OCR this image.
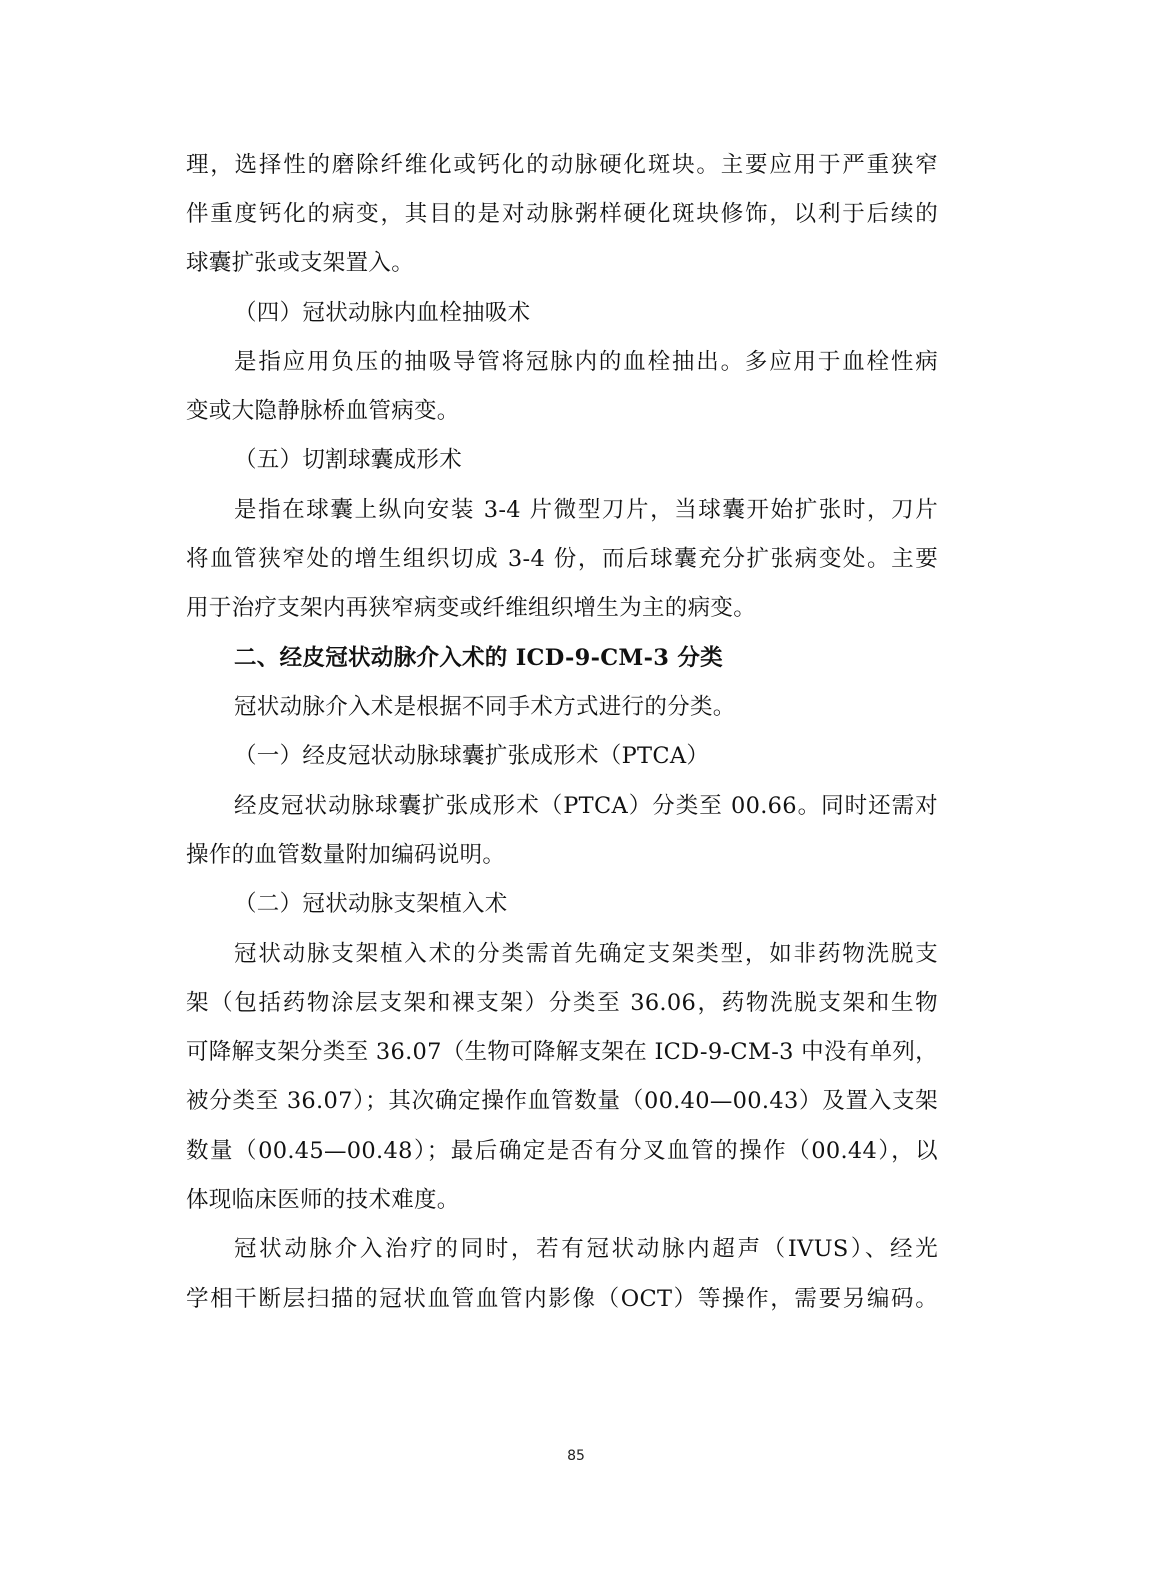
理，选择性的磨除纤维化或钙化的动脉硬化斑块。主要应用于严重狭窄
伴重度钙化的病变，其目的是对动脉粥样硬化斑块修饰，以利于后续的
球囊扩张或支架置入。
（四）冠状动脉内血栓抽吸术
是指应用负压的抽吸导管将冠脉内的血栓抽出。多应用于血栓性病
变或大隐静脉桥血管病变。
（五）切割球囊成形术
是指在球囊上纵向安装 3-4 片微型刀片，当球囊开始扩张时，刀片
将血管狭窄处的增生组织切成 3-4 份，而后球囊充分扩张病变处。主要
用于治疗支架内再狭窄病变或纤维组织增生为主的病变。
二、经皮冠状动脉介入术的 ICD-9-CM-3 分类
冠状动脉介入术是根据不同手术方式进行的分类。
（一）经皮冠状动脉球囊扩张成形术（PTCA）
经皮冠状动脉球囊扩张成形术（PTCA）分类至 00.66。同时还需对
操作的血管数量附加编码说明。
（二）冠状动脉支架植入术
冠状动脉支架植入术的分类需首先确定支架类型，如非药物洗脱支
架（包括药物涂层支架和裸支架）分类至 36.06，药物洗脱支架和生物
可降解支架分类至 36.07（生物可降解支架在 ICD-9-CM-3 中没有单列，
被分类至 36.07）；其次确定操作血管数量（00.40—00.43）及置入支架
数量（00.45—00.48）；最后确定是否有分叉血管的操作（00.44），以
体现临床医师的技术难度。
冠状动脉介入治疗的同时，若有冠状动脉内超声（IVUS）、经光
学相干断层扫描的冠状血管血管内影像（OCT）等操作，需要另编码。
85
